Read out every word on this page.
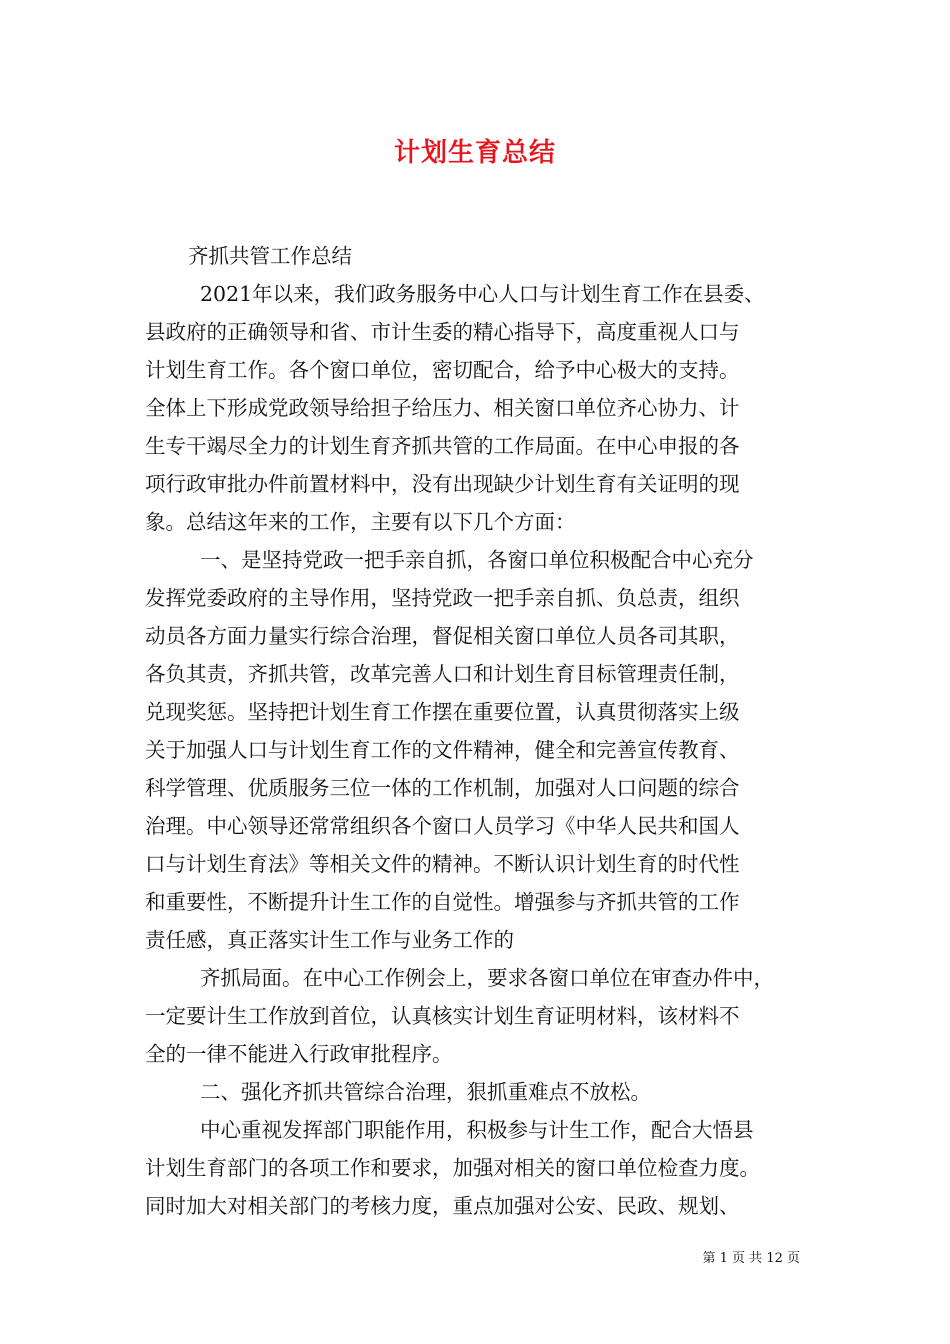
计划生育总结
齐抓共管工作总结
2021年以来，我们政务服务中心人口与计划生育工作在县委、
县政府的正确领导和省、市计生委的精心指导下，高度重视人口与
计划生育工作。各个窗口单位，密切配合，给予中心极大的支持。
全体上下形成党政领导给担子给压力、相关窗口单位齐心协力、计
生专干竭尽全力的计划生育齐抓共管的工作局面。在中心申报的各
项行政审批办件前置材料中，没有出现缺少计划生育有关证明的现
象。总结这年来的工作，主要有以下几个方面：
一、是坚持党政一把手亲自抓，各窗口单位积极配合中心充分
发挥党委政府的主导作用，坚持党政一把手亲自抓、负总责，组织
动员各方面力量实行综合治理，督促相关窗口单位人员各司其职，
各负其责，齐抓共管，改革完善人口和计划生育目标管理责任制，
兑现奖惩。坚持把计划生育工作摆在重要位置，认真贯彻落实上级
关于加强人口与计划生育工作的文件精神，健全和完善宣传教育、
科学管理、优质服务三位一体的工作机制，加强对人口问题的综合
治理。中心领导还常常组织各个窗口人员学习《中华人民共和国人
口与计划生育法》等相关文件的精神。不断认识计划生育的时代性
和重要性，不断提升计生工作的自觉性。增强参与齐抓共管的工作
责任感，真正落实计生工作与业务工作的
齐抓局面。在中心工作例会上，要求各窗口单位在审查办件中，
一定要计生工作放到首位，认真核实计划生育证明材料，该材料不
全的一律不能进入行政审批程序。
二、强化齐抓共管综合治理，狠抓重难点不放松。
中心重视发挥部门职能作用，积极参与计生工作，配合大悟县
计划生育部门的各项工作和要求，加强对相关的窗口单位检查力度。
同时加大对相关部门的考核力度，重点加强对公安、民政、规划、
第 1 页 共 12 页
